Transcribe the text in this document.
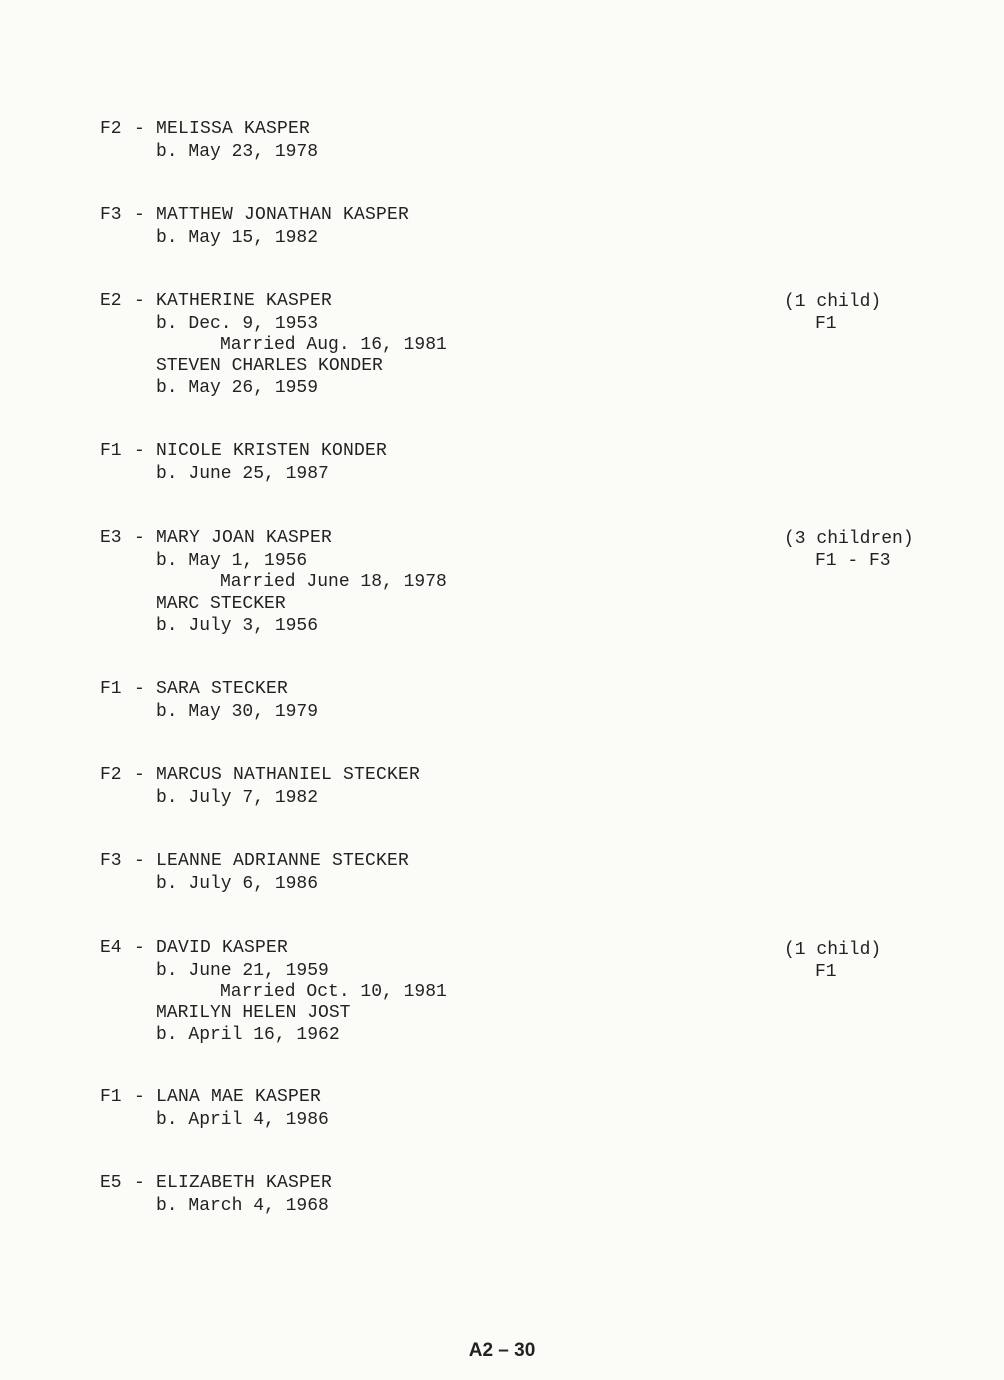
F2 - MELISSA KASPER
b. May 23, 1978
F3 - MATTHEW JONATHAN KASPER
b. May 15, 1982
E2 - KATHERINE KASPER
b. Dec. 9, 1953
Married Aug. 16, 1981
STEVEN CHARLES KONDER
b. May 26, 1959
(1 child)
F1
F1 - NICOLE KRISTEN KONDER
b. June 25, 1987
E3 - MARY JOAN KASPER
b. May 1, 1956
Married June 18, 1978
MARC STECKER
b. July 3, 1956
(3 children)
F1 - F3
F1 - SARA STECKER
b. May 30, 1979
F2 - MARCUS NATHANIEL STECKER
b. July 7, 1982
F3 - LEANNE ADRIANNE STECKER
b. July 6, 1986
E4 - DAVID KASPER
b. June 21, 1959
Married Oct. 10, 1981
MARILYN HELEN JOST
b. April 16, 1962
(1 child)
F1
F1 - LANA MAE KASPER
b. April 4, 1986
E5 - ELIZABETH KASPER
b. March 4, 1968
A2 – 30
